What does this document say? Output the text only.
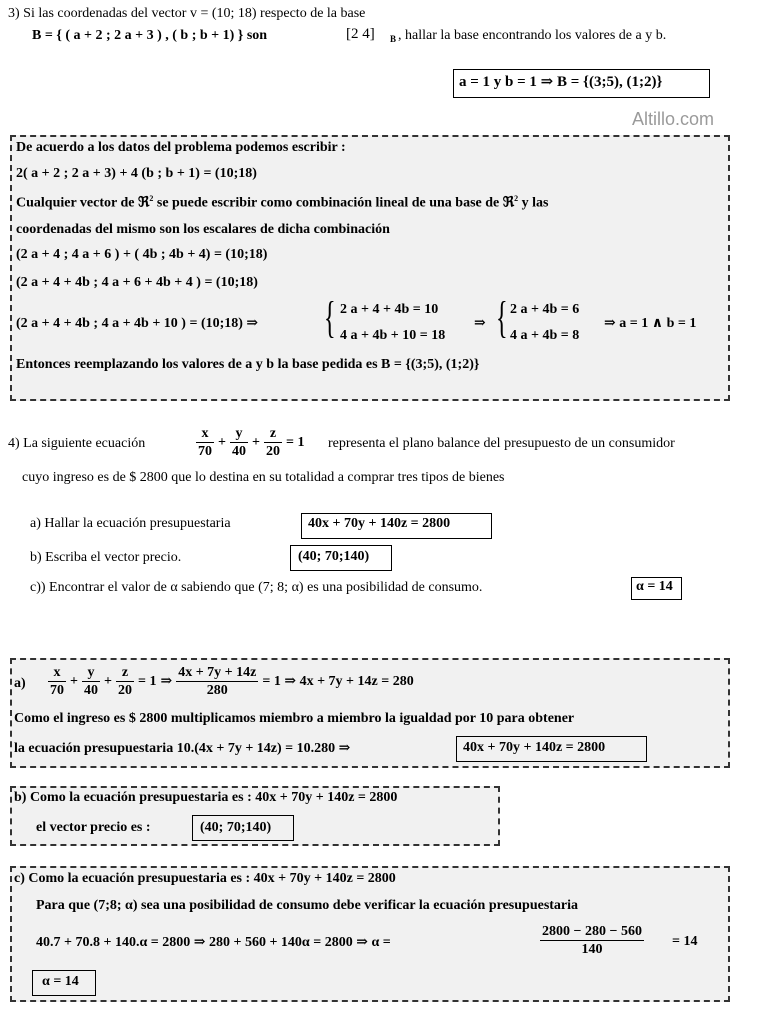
3) Si las coordenadas del vector v = (10; 18) respecto de la base
B = { ( a + 2 ; 2 a + 3 ) , ( b ; b + 1) } son	[2 4] B , hallar la base encontrando los valores de a y b.
a = 1 y b = 1 ⇒ B = {(3;5), (1;2)}
Altillo.com
De acuerdo a los datos del problema podemos escribir :
2( a + 2 ; 2 a + 3) + 4 (b ; b + 1) = (10;18)
Cualquier vector de ℜ$^2$ se puede escribir como combinación lineal de una base de ℜ$^2$ y las
coordenadas del mismo son los escalares de dicha combinación
(2 a + 4 ; 4 a + 6 ) + ( 4b ; 4b + 4) = (10;18)
(2 a + 4 + 4b ; 4 a + 6 + 4b + 4 ) = (10;18)
(2 a + 4 + 4b ; 4 a + 4b + 10 ) = (10;18) ⇒ { 2 a + 4 + 4b = 10
4 a + 4b + 10 = 18
⇒ { 2 a + 4b = 6
4 a + 4b = 8
⇒ a = 1 ∧ b = 1
Entonces reemplazando los valores de a y b la base pedida es B = {(3;5), (1;2)}
4) La siguiente ecuación	$\frac{x}{70} + \frac{y}{40} + \frac{z}{20} = 1$ representa el plano balance del presupuesto de un consumidor
cuyo ingreso es de $ 2800 que lo destina en su totalidad a comprar tres tipos de bienes
a) Hallar la ecuación presupuestaria	40x + 70y + 140z = 2800
b) Escriba el vector precio.	(40; 70;140)
c)) Encontrar el valor de α sabiendo que (7; 8; α) es una posibilidad de consumo.	α = 14
$a) \frac{x}{70} + \frac{y}{40} + \frac{z}{20} = 1$ ⇒ $\frac{4x + 7y + 14z}{280} = 1$ ⇒ 4x + 7y + 14z = 280
Como el ingreso es $ 2800 multiplicamos miembro a miembro la igualdad por 10 para obtener
la ecuación presupuestaria 10.(4x + 7y + 14z) = 10.280 ⇒	40x + 70y + 140z = 2800
b) Como la ecuación presupuestaria es : 40x + 70y + 140z = 2800
el vector precio es :	(40; 70;140)
c) Como la ecuación presupuestaria es : 40x + 70y + 140z = 2800
Para que (7;8; α) sea una posibilidad de consumo debe verificar la ecuación presupuestaria
40.7 + 70.8 + 140.α = 2800 ⇒ 280 + 560 + 140α = 2800 ⇒ α =	$\frac{2800 - 280 - 560}{140} = 14$
α = 14
